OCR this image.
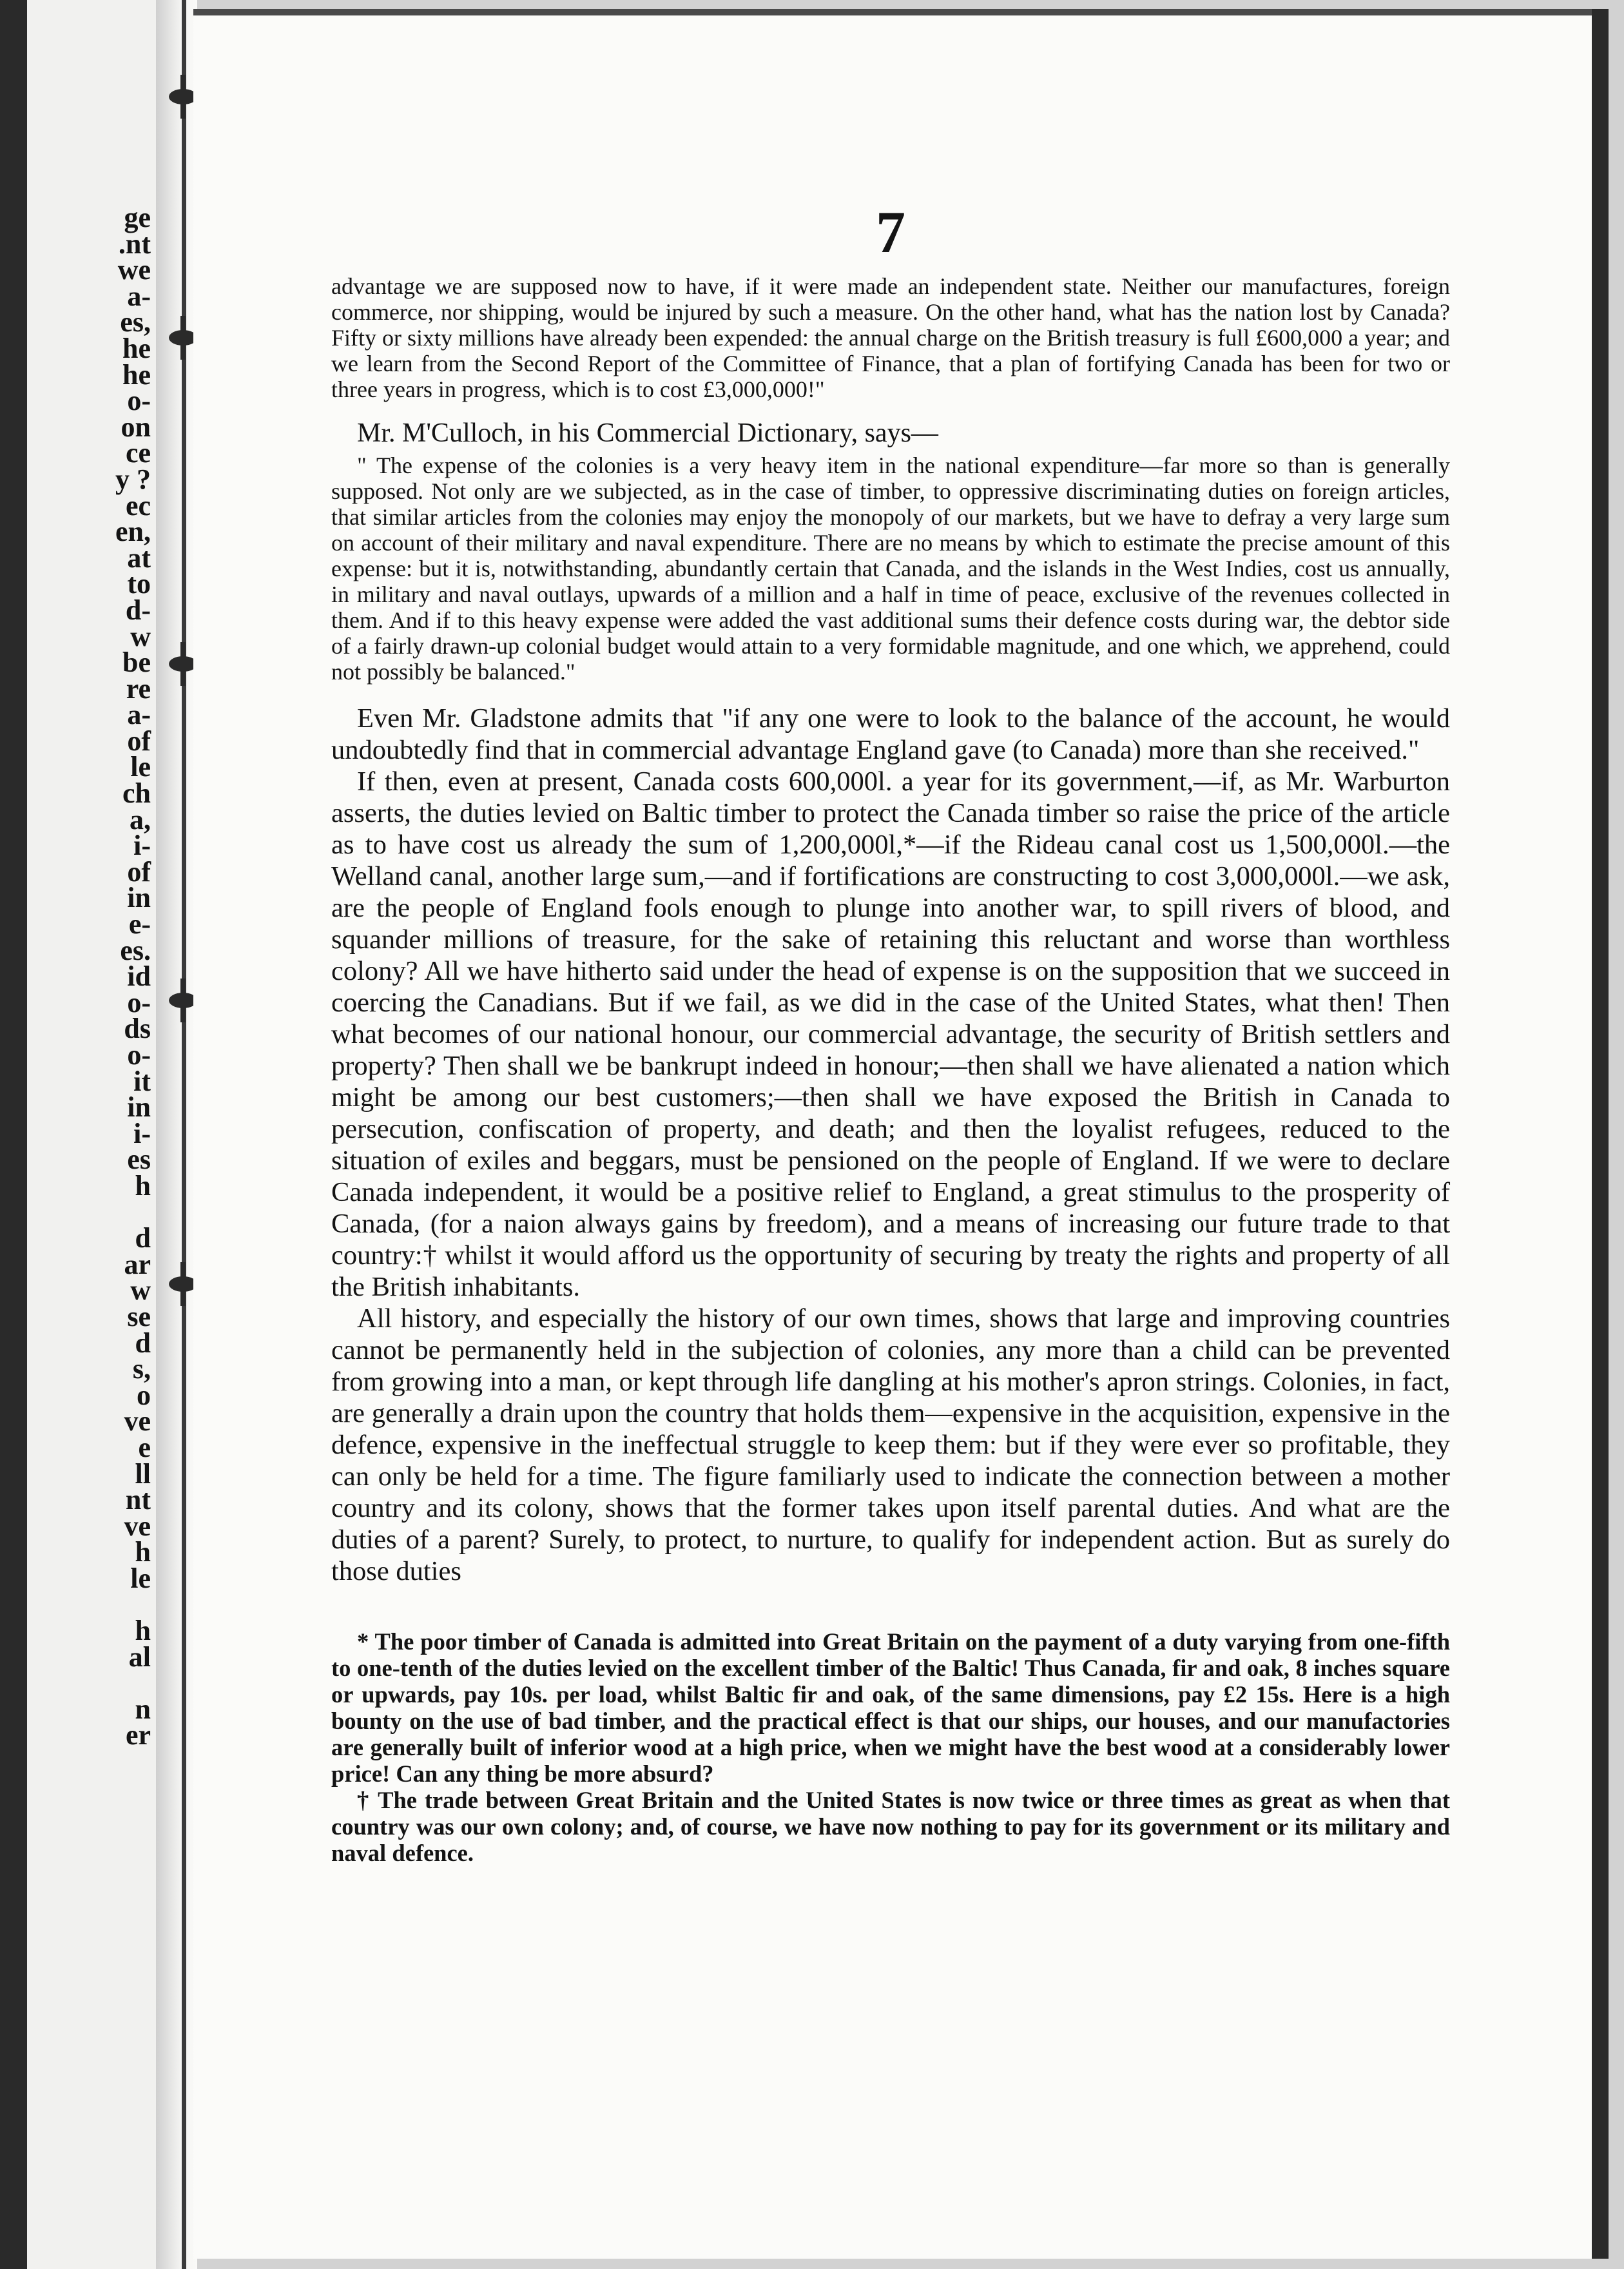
ge
.nt
we
a-
es,
he
he
o-
on
ce
y ?
ec
en,
at
to
d-
w
be
re
a-
of
le
ch
a,
i-
of
in
e-
es.
id
o-
ds
o-
it
in
i-
es
h

d
ar
w
se
d
s,
o
ve
e
ll
nt
ve
h
le

h
al

n
er
7

advantage we are supposed now to have, if it were made an independent state. Neither our manufactures, foreign commerce, nor shipping, would be injured by such a measure. On the other hand, what has the nation lost by Canada? Fifty or sixty millions have already been expended: the annual charge on the British treasury is full £600,000 a year; and we learn from the Second Report of the Committee of Finance, that a plan of fortifying Canada has been for two or three years in progress, which is to cost £3,000,000!"

Mr. M'Culloch, in his Commercial Dictionary, says—

" The expense of the colonies is a very heavy item in the national expenditure—far more so than is generally supposed. Not only are we subjected, as in the case of timber, to oppressive discriminating duties on foreign articles, that similar articles from the colonies may enjoy the monopoly of our markets, but we have to defray a very large sum on account of their military and naval expenditure. There are no means by which to estimate the precise amount of this expense: but it is, notwithstanding, abundantly certain that Canada, and the islands in the West Indies, cost us annually, in military and naval outlays, upwards of a million and a half in time of peace, exclusive of the revenues collected in them. And if to this heavy expense were added the vast additional sums their defence costs during war, the debtor side of a fairly drawn-up colonial budget would attain to a very formidable magnitude, and one which, we apprehend, could not possibly be balanced."

Even Mr. Gladstone admits that "if any one were to look to the balance of the account, he would undoubtedly find that in commercial advantage England gave (to Canada) more than she received."

If then, even at present, Canada costs 600,000l. a year for its government,—if, as Mr. Warburton asserts, the duties levied on Baltic timber to protect the Canada timber so raise the price of the article as to have cost us already the sum of 1,200,000l,*—if the Rideau canal cost us 1,500,000l.—the Welland canal, another large sum,—and if fortifications are constructing to cost 3,000,000l.—we ask, are the people of England fools enough to plunge into another war, to spill rivers of blood, and squander millions of treasure, for the sake of retaining this reluctant and worse than worthless colony? All we have hitherto said under the head of expense is on the supposition that we succeed in coercing the Canadians. But if we fail, as we did in the case of the United States, what then! Then what becomes of our national honour, our commercial advantage, the security of British settlers and property? Then shall we be bankrupt indeed in honour;—then shall we have alienated a nation which might be among our best customers;—then shall we have exposed the British in Canada to persecution, confiscation of property, and death; and then the loyalist refugees, reduced to the situation of exiles and beggars, must be pensioned on the people of England. If we were to declare Canada independent, it would be a positive relief to England, a great stimulus to the prosperity of Canada, (for a naion always gains by freedom), and a means of increasing our future trade to that country:† whilst it would afford us the opportunity of securing by treaty the rights and property of all the British inhabitants.

All history, and especially the history of our own times, shows that large and improving countries cannot be permanently held in the subjection of colonies, any more than a child can be prevented from growing into a man, or kept through life dangling at his mother's apron strings. Colonies, in fact, are generally a drain upon the country that holds them—expensive in the acquisition, expensive in the defence, expensive in the ineffectual struggle to keep them: but if they were ever so profitable, they can only be held for a time. The figure familiarly used to indicate the connection between a mother country and its colony, shows that the former takes upon itself parental duties. And what are the duties of a parent? Surely, to protect, to nurture, to qualify for independent action. But as surely do those duties

* The poor timber of Canada is admitted into Great Britain on the payment of a duty varying from one-fifth to one-tenth of the duties levied on the excellent timber of the Baltic! Thus Canada, fir and oak, 8 inches square or upwards, pay 10s. per load, whilst Baltic fir and oak, of the same dimensions, pay £2 15s. Here is a high bounty on the use of bad timber, and the practical effect is that our ships, our houses, and our manufactories are generally built of inferior wood at a high price, when we might have the best wood at a considerably lower price! Can any thing be more absurd?

† The trade between Great Britain and the United States is now twice or three times as great as when that country was our own colony; and, of course, we have now nothing to pay for its government or its military and naval defence.
